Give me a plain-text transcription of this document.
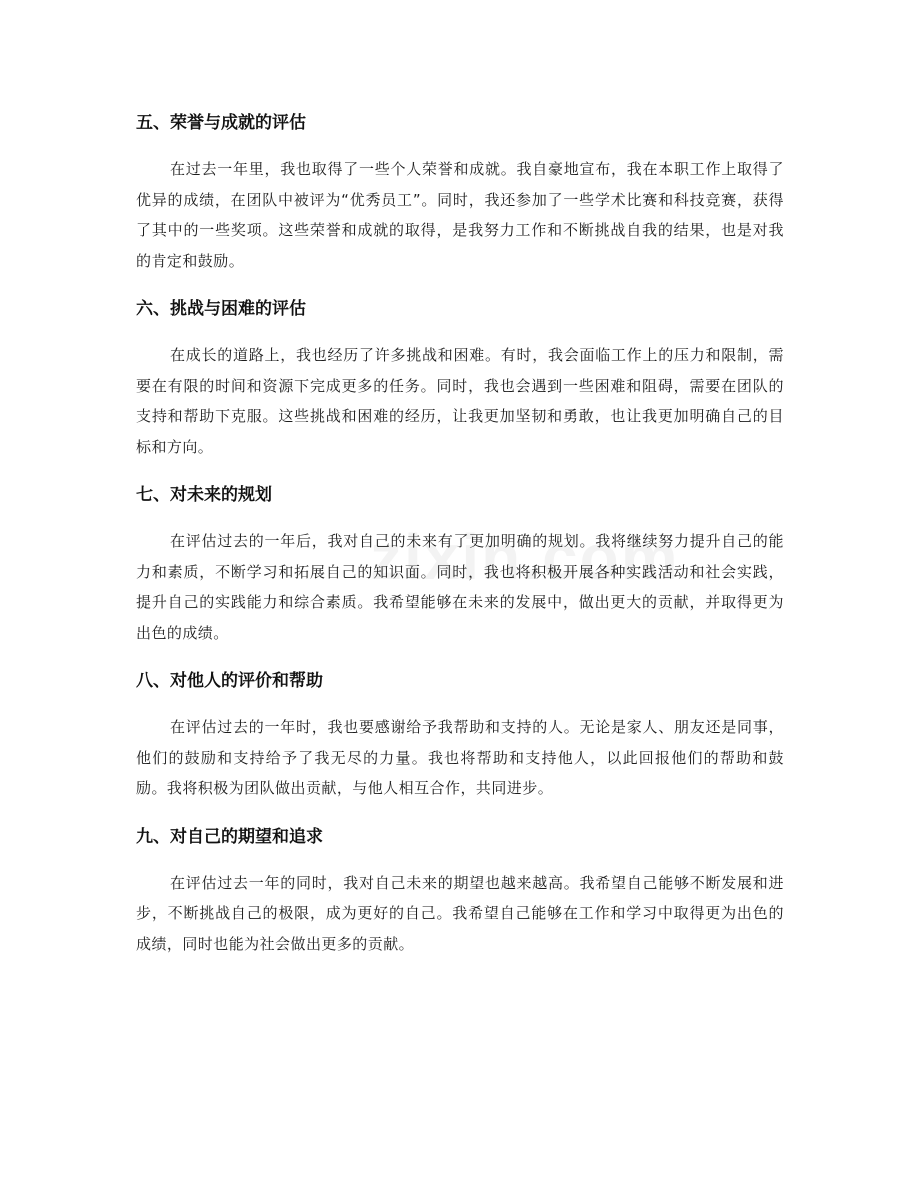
五、荣誉与成就的评估

在过去一年里，我也取得了一些个人荣誉和成就。我自豪地宣布，我在本职工作上取得了优异的成绩，在团队中被评为“优秀员工”。同时，我还参加了一些学术比赛和科技竞赛，获得了其中的一些奖项。这些荣誉和成就的取得，是我努力工作和不断挑战自我的结果，也是对我的肯定和鼓励。

六、挑战与困难的评估

在成长的道路上，我也经历了许多挑战和困难。有时，我会面临工作上的压力和限制，需要在有限的时间和资源下完成更多的任务。同时，我也会遇到一些困难和阻碍，需要在团队的支持和帮助下克服。这些挑战和困难的经历，让我更加坚韧和勇敢，也让我更加明确自己的目标和方向。

七、对未来的规划

在评估过去的一年后，我对自己的未来有了更加明确的规划。我将继续努力提升自己的能力和素质，不断学习和拓展自己的知识面。同时，我也将积极开展各种实践活动和社会实践，提升自己的实践能力和综合素质。我希望能够在未来的发展中，做出更大的贡献，并取得更为出色的成绩。

八、对他人的评价和帮助

在评估过去的一年时，我也要感谢给予我帮助和支持的人。无论是家人、朋友还是同事，他们的鼓励和支持给予了我无尽的力量。我也将帮助和支持他人，以此回报他们的帮助和鼓励。我将积极为团队做出贡献，与他人相互合作，共同进步。

九、对自己的期望和追求

在评估过去一年的同时，我对自己未来的期望也越来越高。我希望自己能够不断发展和进步，不断挑战自己的极限，成为更好的自己。我希望自己能够在工作和学习中取得更为出色的成绩，同时也能为社会做出更多的贡献。
